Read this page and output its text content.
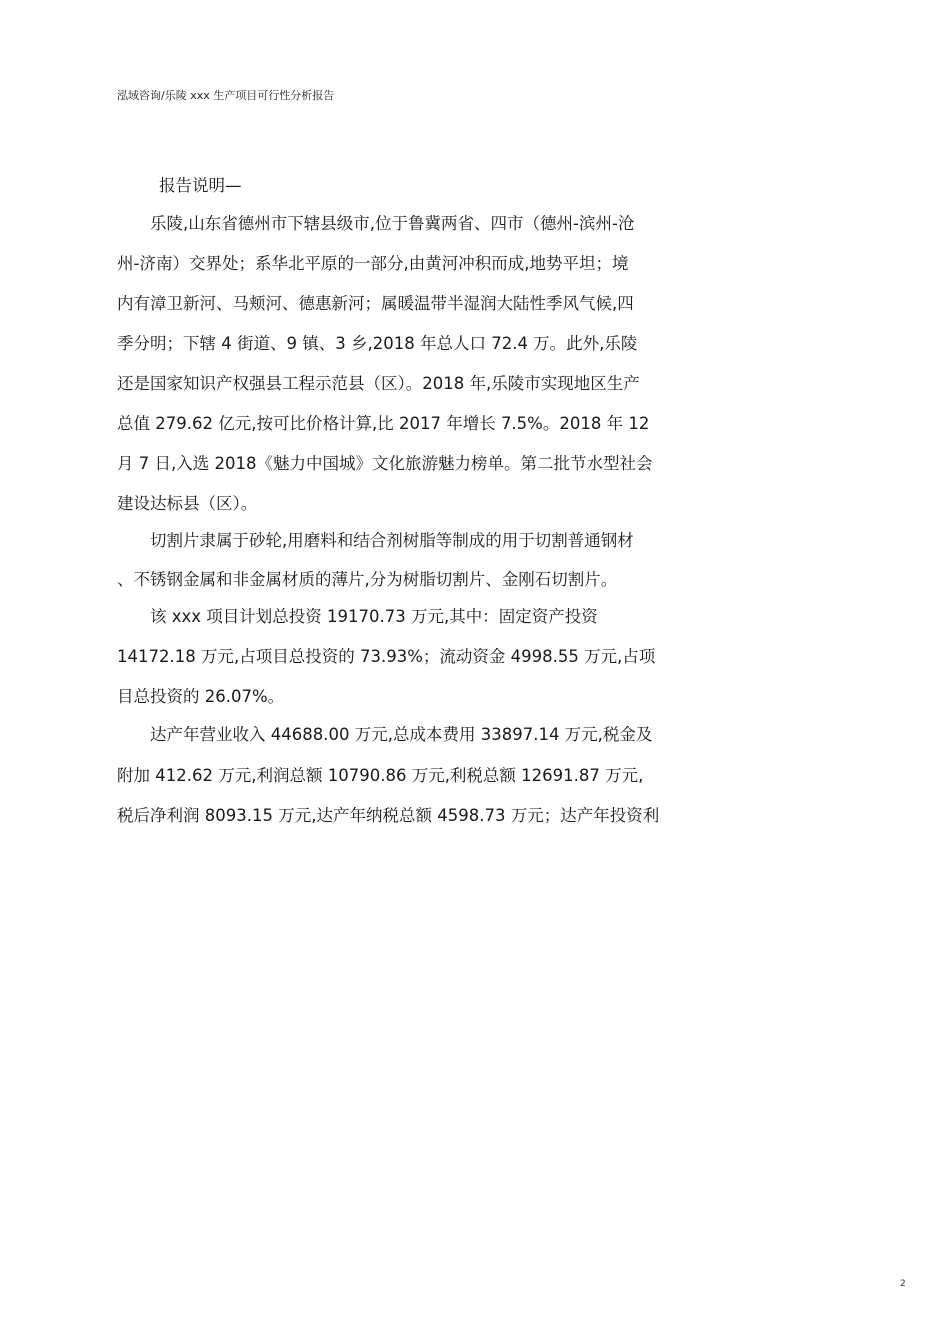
泓域咨询/乐陵 xxx 生产项目可行性分析报告
报告说明—
乐陵,山东省德州市下辖县级市,位于鲁冀两省、四市（德州-滨州-沧
州-济南）交界处；系华北平原的一部分,由黄河冲积而成,地势平坦；境
内有漳卫新河、马颊河、德惠新河；属暖温带半湿润大陆性季风气候,四
季分明；下辖 4 街道、9 镇、3 乡,2018 年总人口 72.4 万。此外,乐陵
还是国家知识产权强县工程示范县（区）。2018 年,乐陵市实现地区生产
总值 279.62 亿元,按可比价格计算,比 2017 年增长 7.5%。2018 年 12
月 7 日,入选 2018《魅力中国城》文化旅游魅力榜单。第二批节水型社会
建设达标县（区）。
切割片隶属于砂轮,用磨料和结合剂树脂等制成的用于切割普通钢材
、不锈钢金属和非金属材质的薄片,分为树脂切割片、金刚石切割片。
该 xxx 项目计划总投资 19170.73 万元,其中：固定资产投资
14172.18 万元,占项目总投资的 73.93%；流动资金 4998.55 万元,占项
目总投资的 26.07%。
达产年营业收入 44688.00 万元,总成本费用 33897.14 万元,税金及
附加 412.62 万元,利润总额 10790.86 万元,利税总额 12691.87 万元,
税后净利润 8093.15 万元,达产年纳税总额 4598.73 万元；达产年投资利
2
